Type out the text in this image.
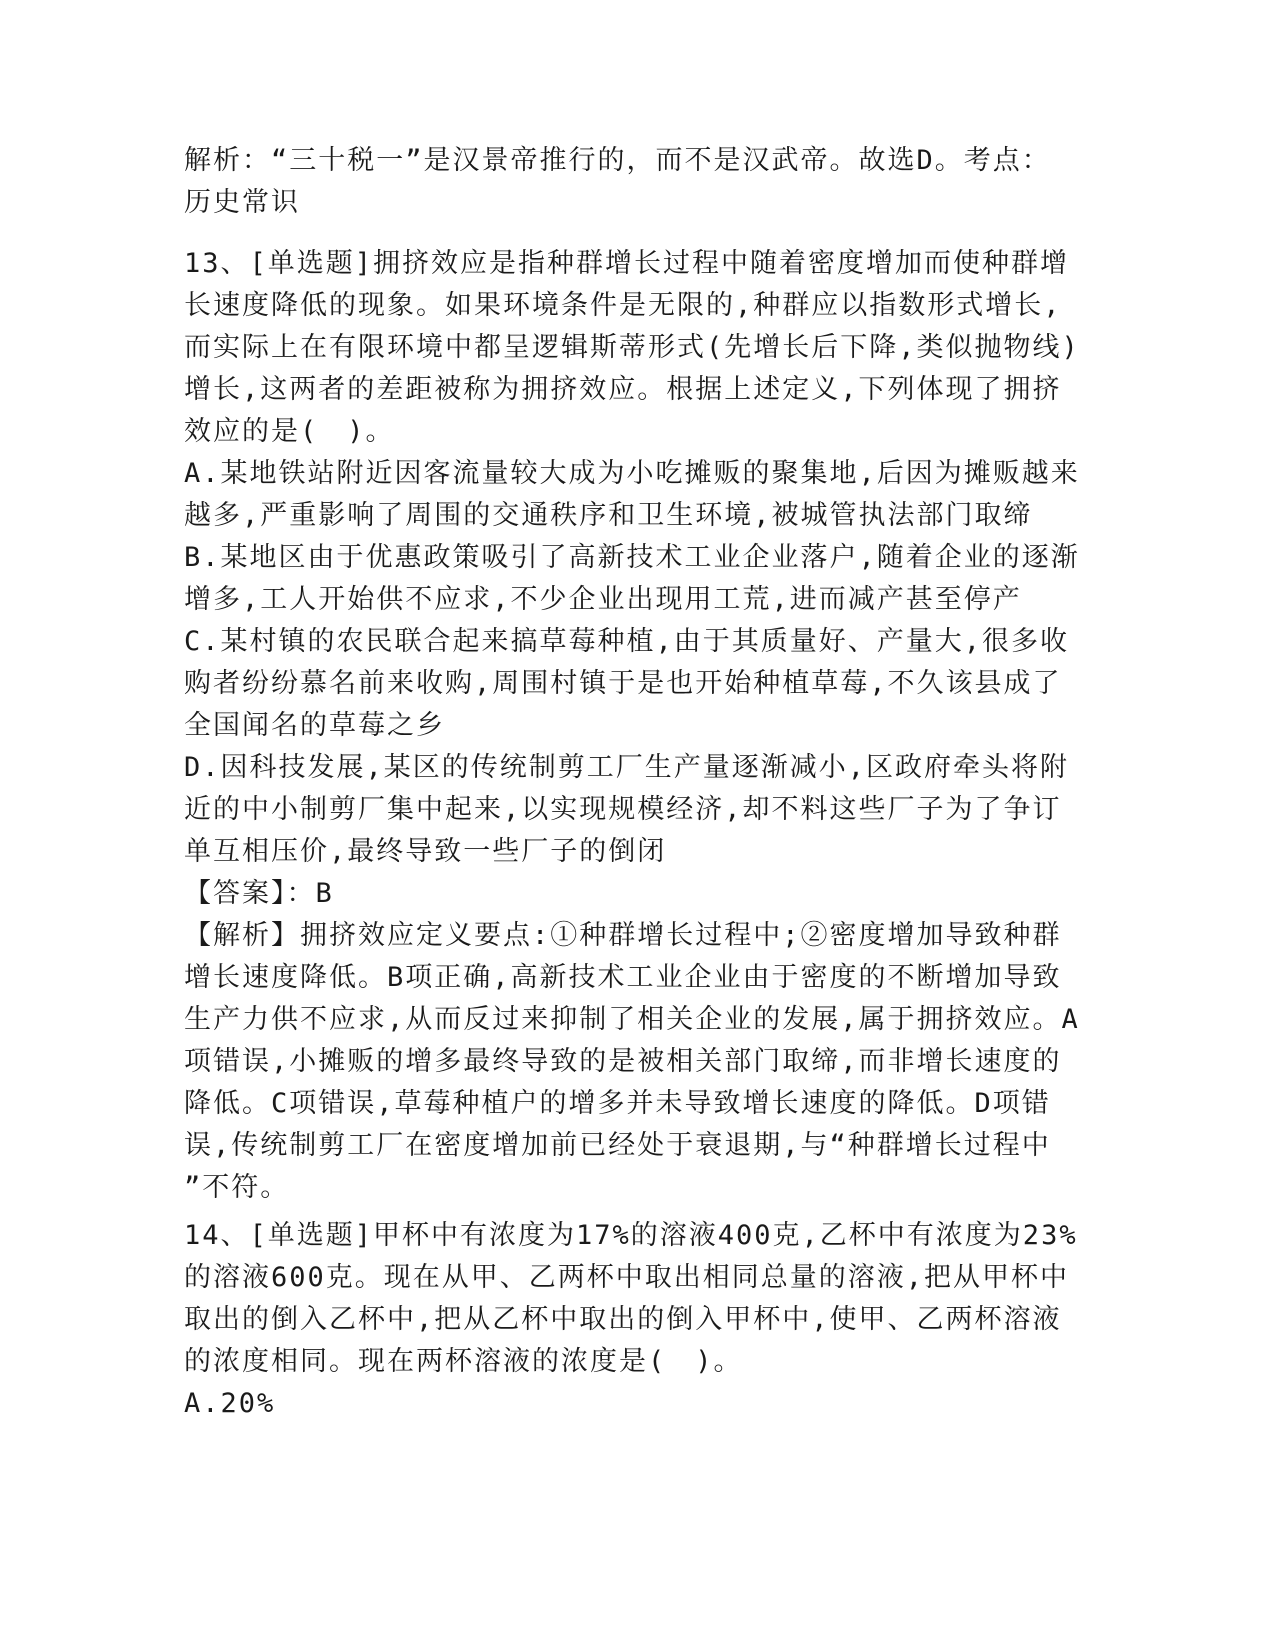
解析：“三十税一”是汉景帝推行的，而不是汉武帝。故选D。考点：
历史常识
13、[单选题]拥挤效应是指种群增长过程中随着密度增加而使种群增
长速度降低的现象。如果环境条件是无限的,种群应以指数形式增长,
而实际上在有限环境中都呈逻辑斯蒂形式(先增长后下降,类似抛物线)
增长,这两者的差距被称为拥挤效应。根据上述定义,下列体现了拥挤
效应的是(　)。
A.某地铁站附近因客流量较大成为小吃摊贩的聚集地,后因为摊贩越来
越多,严重影响了周围的交通秩序和卫生环境,被城管执法部门取缔
B.某地区由于优惠政策吸引了高新技术工业企业落户,随着企业的逐渐
增多,工人开始供不应求,不少企业出现用工荒,进而减产甚至停产
C.某村镇的农民联合起来搞草莓种植,由于其质量好、产量大,很多收
购者纷纷慕名前来收购,周围村镇于是也开始种植草莓,不久该县成了
全国闻名的草莓之乡
D.因科技发展,某区的传统制剪工厂生产量逐渐减小,区政府牵头将附
近的中小制剪厂集中起来,以实现规模经济,却不料这些厂子为了争订
单互相压价,最终导致一些厂子的倒闭
【答案】：B
【解析】拥挤效应定义要点:①种群增长过程中;②密度增加导致种群
增长速度降低。B项正确,高新技术工业企业由于密度的不断增加导致
生产力供不应求,从而反过来抑制了相关企业的发展,属于拥挤效应。A
项错误,小摊贩的增多最终导致的是被相关部门取缔,而非增长速度的
降低。C项错误,草莓种植户的增多并未导致增长速度的降低。D项错
误,传统制剪工厂在密度增加前已经处于衰退期,与“种群增长过程中
”不符。
14、[单选题]甲杯中有浓度为17%的溶液400克,乙杯中有浓度为23%
的溶液600克。现在从甲、乙两杯中取出相同总量的溶液,把从甲杯中
取出的倒入乙杯中,把从乙杯中取出的倒入甲杯中,使甲、乙两杯溶液
的浓度相同。现在两杯溶液的浓度是(　)。
A.20%
